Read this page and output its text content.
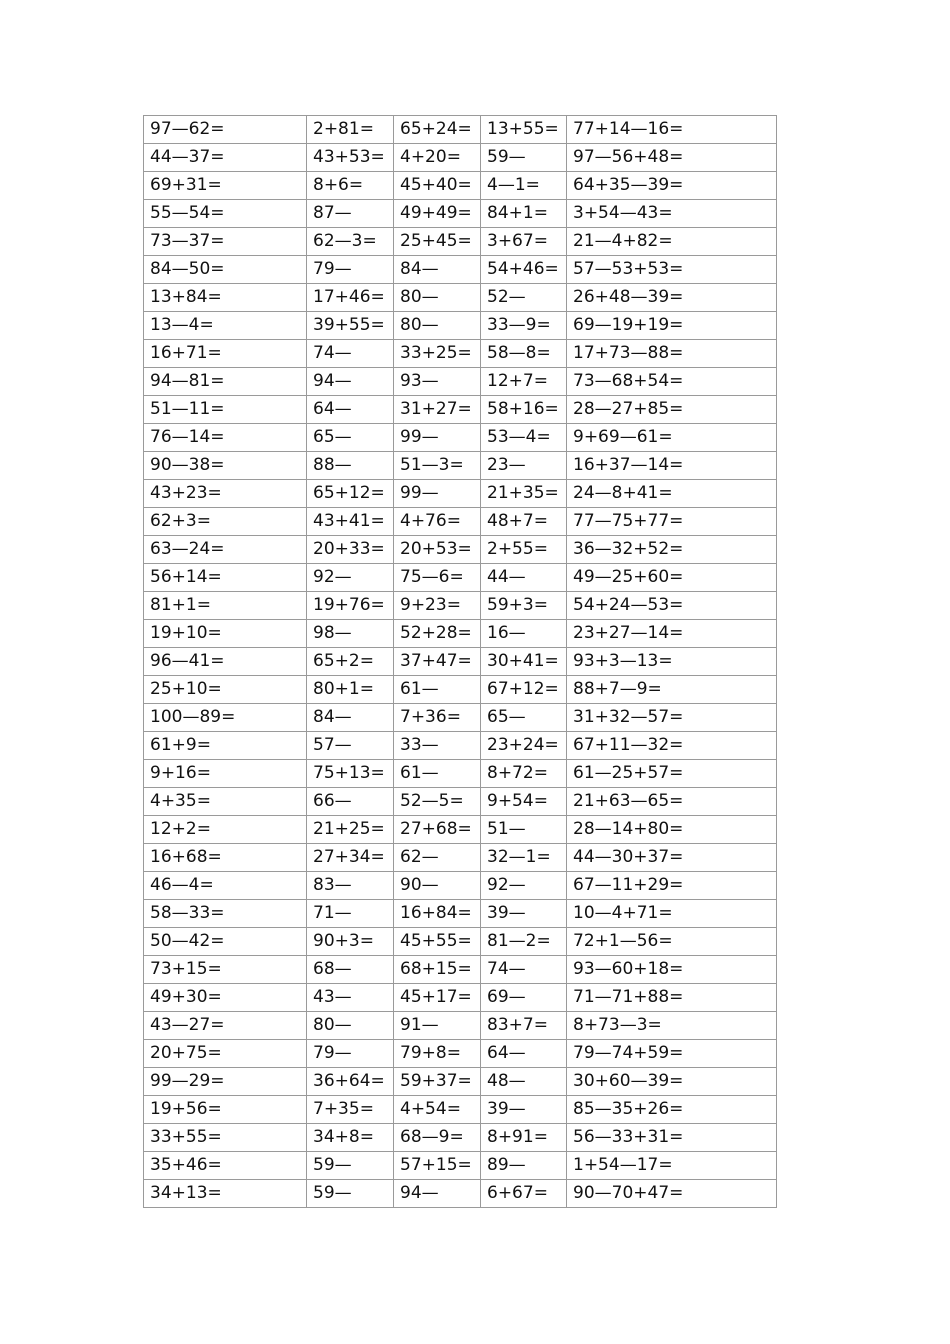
97—62=	2+81=	65+24=	13+55=	77+14—16=
44—37=	43+53=	4+20=	59—	97—56+48=
69+31=	8+6=	45+40=	4—1=	64+35—39=
55—54=	87—	49+49=	84+1=	3+54—43=
73—37=	62—3=	25+45=	3+67=	21—4+82=
84—50=	79—	84—	54+46=	57—53+53=
13+84=	17+46=	80—	52—	26+48—39=
13—4=	39+55=	80—	33—9=	69—19+19=
16+71=	74—	33+25=	58—8=	17+73—88=
94—81=	94—	93—	12+7=	73—68+54=
51—11=	64—	31+27=	58+16=	28—27+85=
76—14=	65—	99—	53—4=	9+69—61=
90—38=	88—	51—3=	23—	16+37—14=
43+23=	65+12=	99—	21+35=	24—8+41=
62+3=	43+41=	4+76=	48+7=	77—75+77=
63—24=	20+33=	20+53=	2+55=	36—32+52=
56+14=	92—	75—6=	44—	49—25+60=
81+1=	19+76=	9+23=	59+3=	54+24—53=
19+10=	98—	52+28=	16—	23+27—14=
96—41=	65+2=	37+47=	30+41=	93+3—13=
25+10=	80+1=	61—	67+12=	88+7—9=
100—89=	84—	7+36=	65—	31+32—57=
61+9=	57—	33—	23+24=	67+11—32=
9+16=	75+13=	61—	8+72=	61—25+57=
4+35=	66—	52—5=	9+54=	21+63—65=
12+2=	21+25=	27+68=	51—	28—14+80=
16+68=	27+34=	62—	32—1=	44—30+37=
46—4=	83—	90—	92—	67—11+29=
58—33=	71—	16+84=	39—	10—4+71=
50—42=	90+3=	45+55=	81—2=	72+1—56=
73+15=	68—	68+15=	74—	93—60+18=
49+30=	43—	45+17=	69—	71—71+88=
43—27=	80—	91—	83+7=	8+73—3=
20+75=	79—	79+8=	64—	79—74+59=
99—29=	36+64=	59+37=	48—	30+60—39=
19+56=	7+35=	4+54=	39—	85—35+26=
33+55=	34+8=	68—9=	8+91=	56—33+31=
35+46=	59—	57+15=	89—	1+54—17=
34+13=	59—	94—	6+67=	90—70+47=
